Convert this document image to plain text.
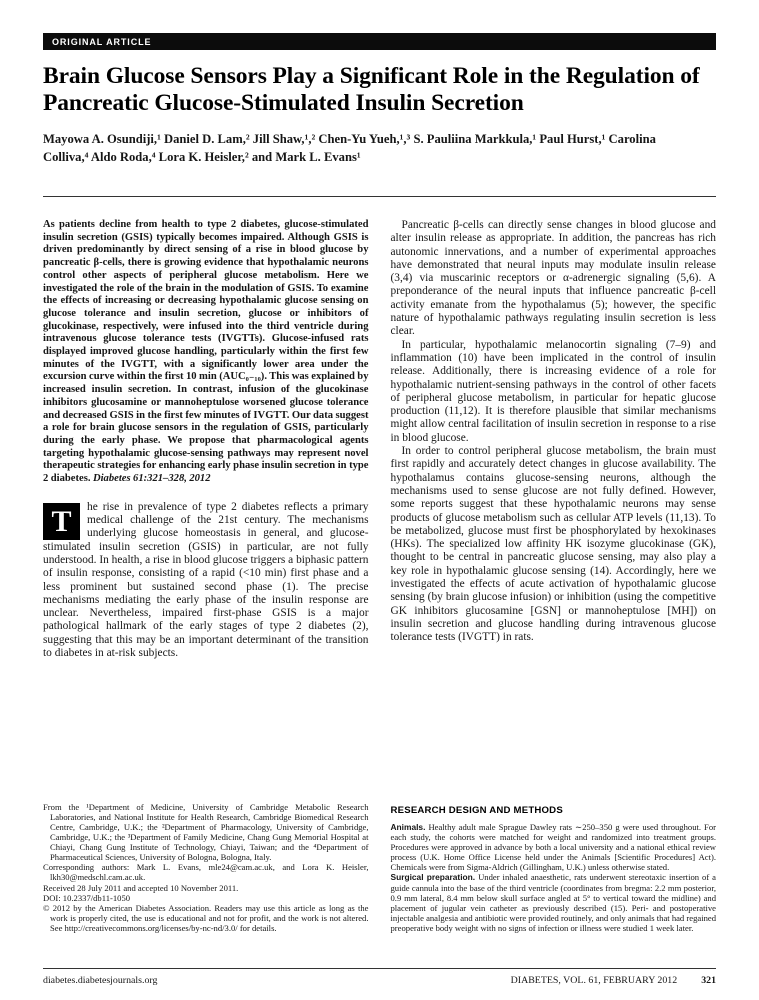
ORIGINAL ARTICLE
Brain Glucose Sensors Play a Significant Role in the Regulation of Pancreatic Glucose-Stimulated Insulin Secretion

Mayowa A. Osundiji,¹ Daniel D. Lam,² Jill Shaw,¹,² Chen-Yu Yueh,¹,³ S. Pauliina Markkula,¹ Paul Hurst,¹ Carolina Colliva,⁴ Aldo Roda,⁴ Lora K. Heisler,² and Mark L. Evans¹

As patients decline from health to type 2 diabetes, glucose-stimulated insulin secretion (GSIS) typically becomes impaired. Although GSIS is driven predominantly by direct sensing of a rise in blood glucose by pancreatic β-cells, there is growing evidence that hypothalamic neurons control other aspects of peripheral glucose metabolism. Here we investigated the role of the brain in the modulation of GSIS. To examine the effects of increasing or decreasing hypothalamic glucose sensing on glucose tolerance and insulin secretion, glucose or inhibitors of glucokinase, respectively, were infused into the third ventricle during intravenous glucose tolerance tests (IVGTTs). Glucose-infused rats displayed improved glucose handling, particularly within the first few minutes of the IVGTT, with a significantly lower area under the excursion curve within the first 10 min (AUC₀₋₁₀). This was explained by increased insulin secretion. In contrast, infusion of the glucokinase inhibitors glucosamine or mannoheptulose worsened glucose tolerance and decreased GSIS in the first few minutes of IVGTT. Our data suggest a role for brain glucose sensors in the regulation of GSIS, particularly during the early phase. We propose that pharmacological agents targeting hypothalamic glucose-sensing pathways may represent novel therapeutic strategies for enhancing early phase insulin secretion in type 2 diabetes. Diabetes 61:321–328, 2012

T	he rise in prevalence of type 2 diabetes reflects a primary medical challenge of the 21st century. The mechanisms underlying glucose homeostasis in general, and glucose-stimulated insulin secretion (GSIS) in particular, are not fully understood. In health, a rise in blood glucose triggers a biphasic pattern of insulin response, consisting of a rapid (<10 min) first phase and a less prominent but sustained second phase (1). The precise mechanisms mediating the early phase of the insulin response are unclear. Nevertheless, impaired first-phase GSIS is a major pathological hallmark of the early stages of type 2 diabetes (2), suggesting that this may be an important determinant of the transition to diabetes in at-risk subjects.

From the ¹Department of Medicine, University of Cambridge Metabolic Research Laboratories, and National Institute for Health Research, Cambridge Biomedical Research Centre, Cambridge, U.K.; the ²Department of Pharmacology, University of Cambridge, Cambridge, U.K.; the ³Department of Family Medicine, Chang Gung Memorial Hospital at Chiayi, Chang Gung Institute of Technology, Chiayi, Taiwan; and the ⁴Department of Pharmaceutical Sciences, University of Bologna, Bologna, Italy.

Corresponding authors: Mark L. Evans, mle24@cam.ac.uk, and Lora K. Heisler, lkh30@medschl.cam.ac.uk.

Received 28 July 2011 and accepted 10 November 2011.

DOI: 10.2337/db11-1050

© 2012 by the American Diabetes Association. Readers may use this article as long as the work is properly cited, the use is educational and not for profit, and the work is not altered. See http://creativecommons.org/licenses/by-nc-nd/3.0/ for details.

Pancreatic β-cells can directly sense changes in blood glucose and alter insulin release as appropriate. In addition, the pancreas has rich autonomic innervations, and a number of experimental approaches have demonstrated that neural inputs may modulate insulin release (3,4) via muscarinic receptors or α-adrenergic signaling (5,6). A preponderance of the neural inputs that influence pancreatic β-cell activity emanate from the hypothalamus (5); however, the specific nature of hypothalamic pathways regulating insulin secretion is less clear.

In particular, hypothalamic melanocortin signaling (7–9) and inflammation (10) have been implicated in the control of insulin release. Additionally, there is increasing evidence of a role for hypothalamic nutrient-sensing pathways in the control of other facets of peripheral glucose metabolism, in particular for hepatic glucose production (11,12). It is therefore plausible that similar mechanisms might allow central facilitation of insulin secretion in response to a rise in blood glucose.

In order to control peripheral glucose metabolism, the brain must first rapidly and accurately detect changes in glucose availability. The hypothalamus contains glucose-sensing neurons, although the mechanisms used to sense glucose are not fully defined. However, some reports suggest that these hypothalamic neurons may sense products of glucose metabolism such as cellular ATP levels (11,13). To be metabolized, glucose must first be phosphorylated by hexokinases (HKs). The specialized low affinity HK isozyme glucokinase (GK), thought to be central in pancreatic glucose sensing, may also play a key role in hypothalamic glucose sensing (14). Accordingly, here we investigated the effects of acute activation of hypothalamic glucose sensing (by brain glucose infusion) or inhibition (using the competitive GK inhibitors glucosamine [GSN] or mannoheptulose [MH]) on insulin secretion and glucose handling during intravenous glucose tolerance tests (IVGTT) in rats.

RESEARCH DESIGN AND METHODS

Animals. Healthy adult male Sprague Dawley rats ∼250–350 g were used throughout. For each study, the cohorts were matched for weight and randomized into treatment groups. Procedures were approved in advance by both a local university and a national ethical review process (U.K. Home Office License held under the Animals [Scientific Procedures] Act). Chemicals were from Sigma-Aldrich (Gillingham, U.K.) unless otherwise stated.

Surgical preparation. Under inhaled anaesthetic, rats underwent stereotaxic insertion of a guide cannula into the base of the third ventricle (coordinates from bregma: 2.2 mm posterior, 0.9 mm lateral, 8.4 mm below skull surface angled at 5° to vertical toward the midline) and placement of jugular vein catheter as previously described (15). Peri- and postoperative injectable analgesia and antibiotic were provided routinely, and only animals that had regained preoperative body weight with no signs of infection or illness were studied 1 week later.

diabetes.diabetesjournals.org	DIABETES, VOL. 61, FEBRUARY 2012 321
